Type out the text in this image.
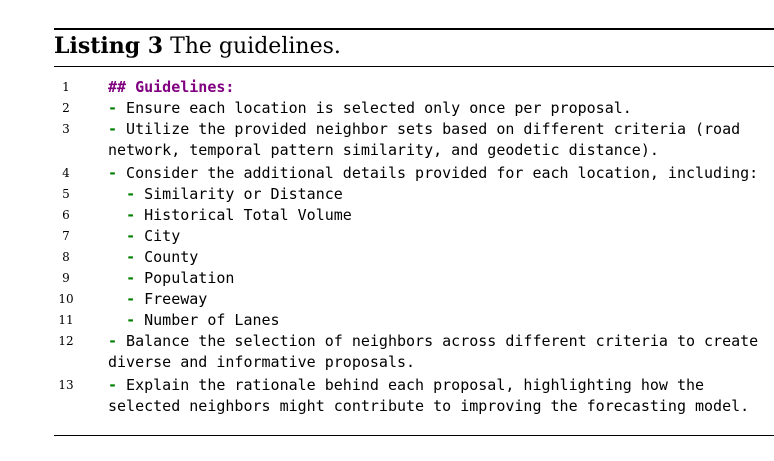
Listing 3 The guidelines.
1	## Guidelines:
2	- Ensure each location is selected only once per proposal.
3	- Utilize the provided neighbor sets based on different criteria (road network, temporal pattern similarity, and geodetic distance).
4	- Consider the additional details provided for each location, including:
5	- Similarity or Distance
6	- Historical Total Volume
7	- City
8	- County
9	- Population
10	- Freeway
11	- Number of Lanes
12 - Balance the selection of neighbors across different criteria to create diverse and informative proposals.
13 - Explain the rationale behind each proposal, highlighting how the selected neighbors might contribute to improving the forecasting model.
